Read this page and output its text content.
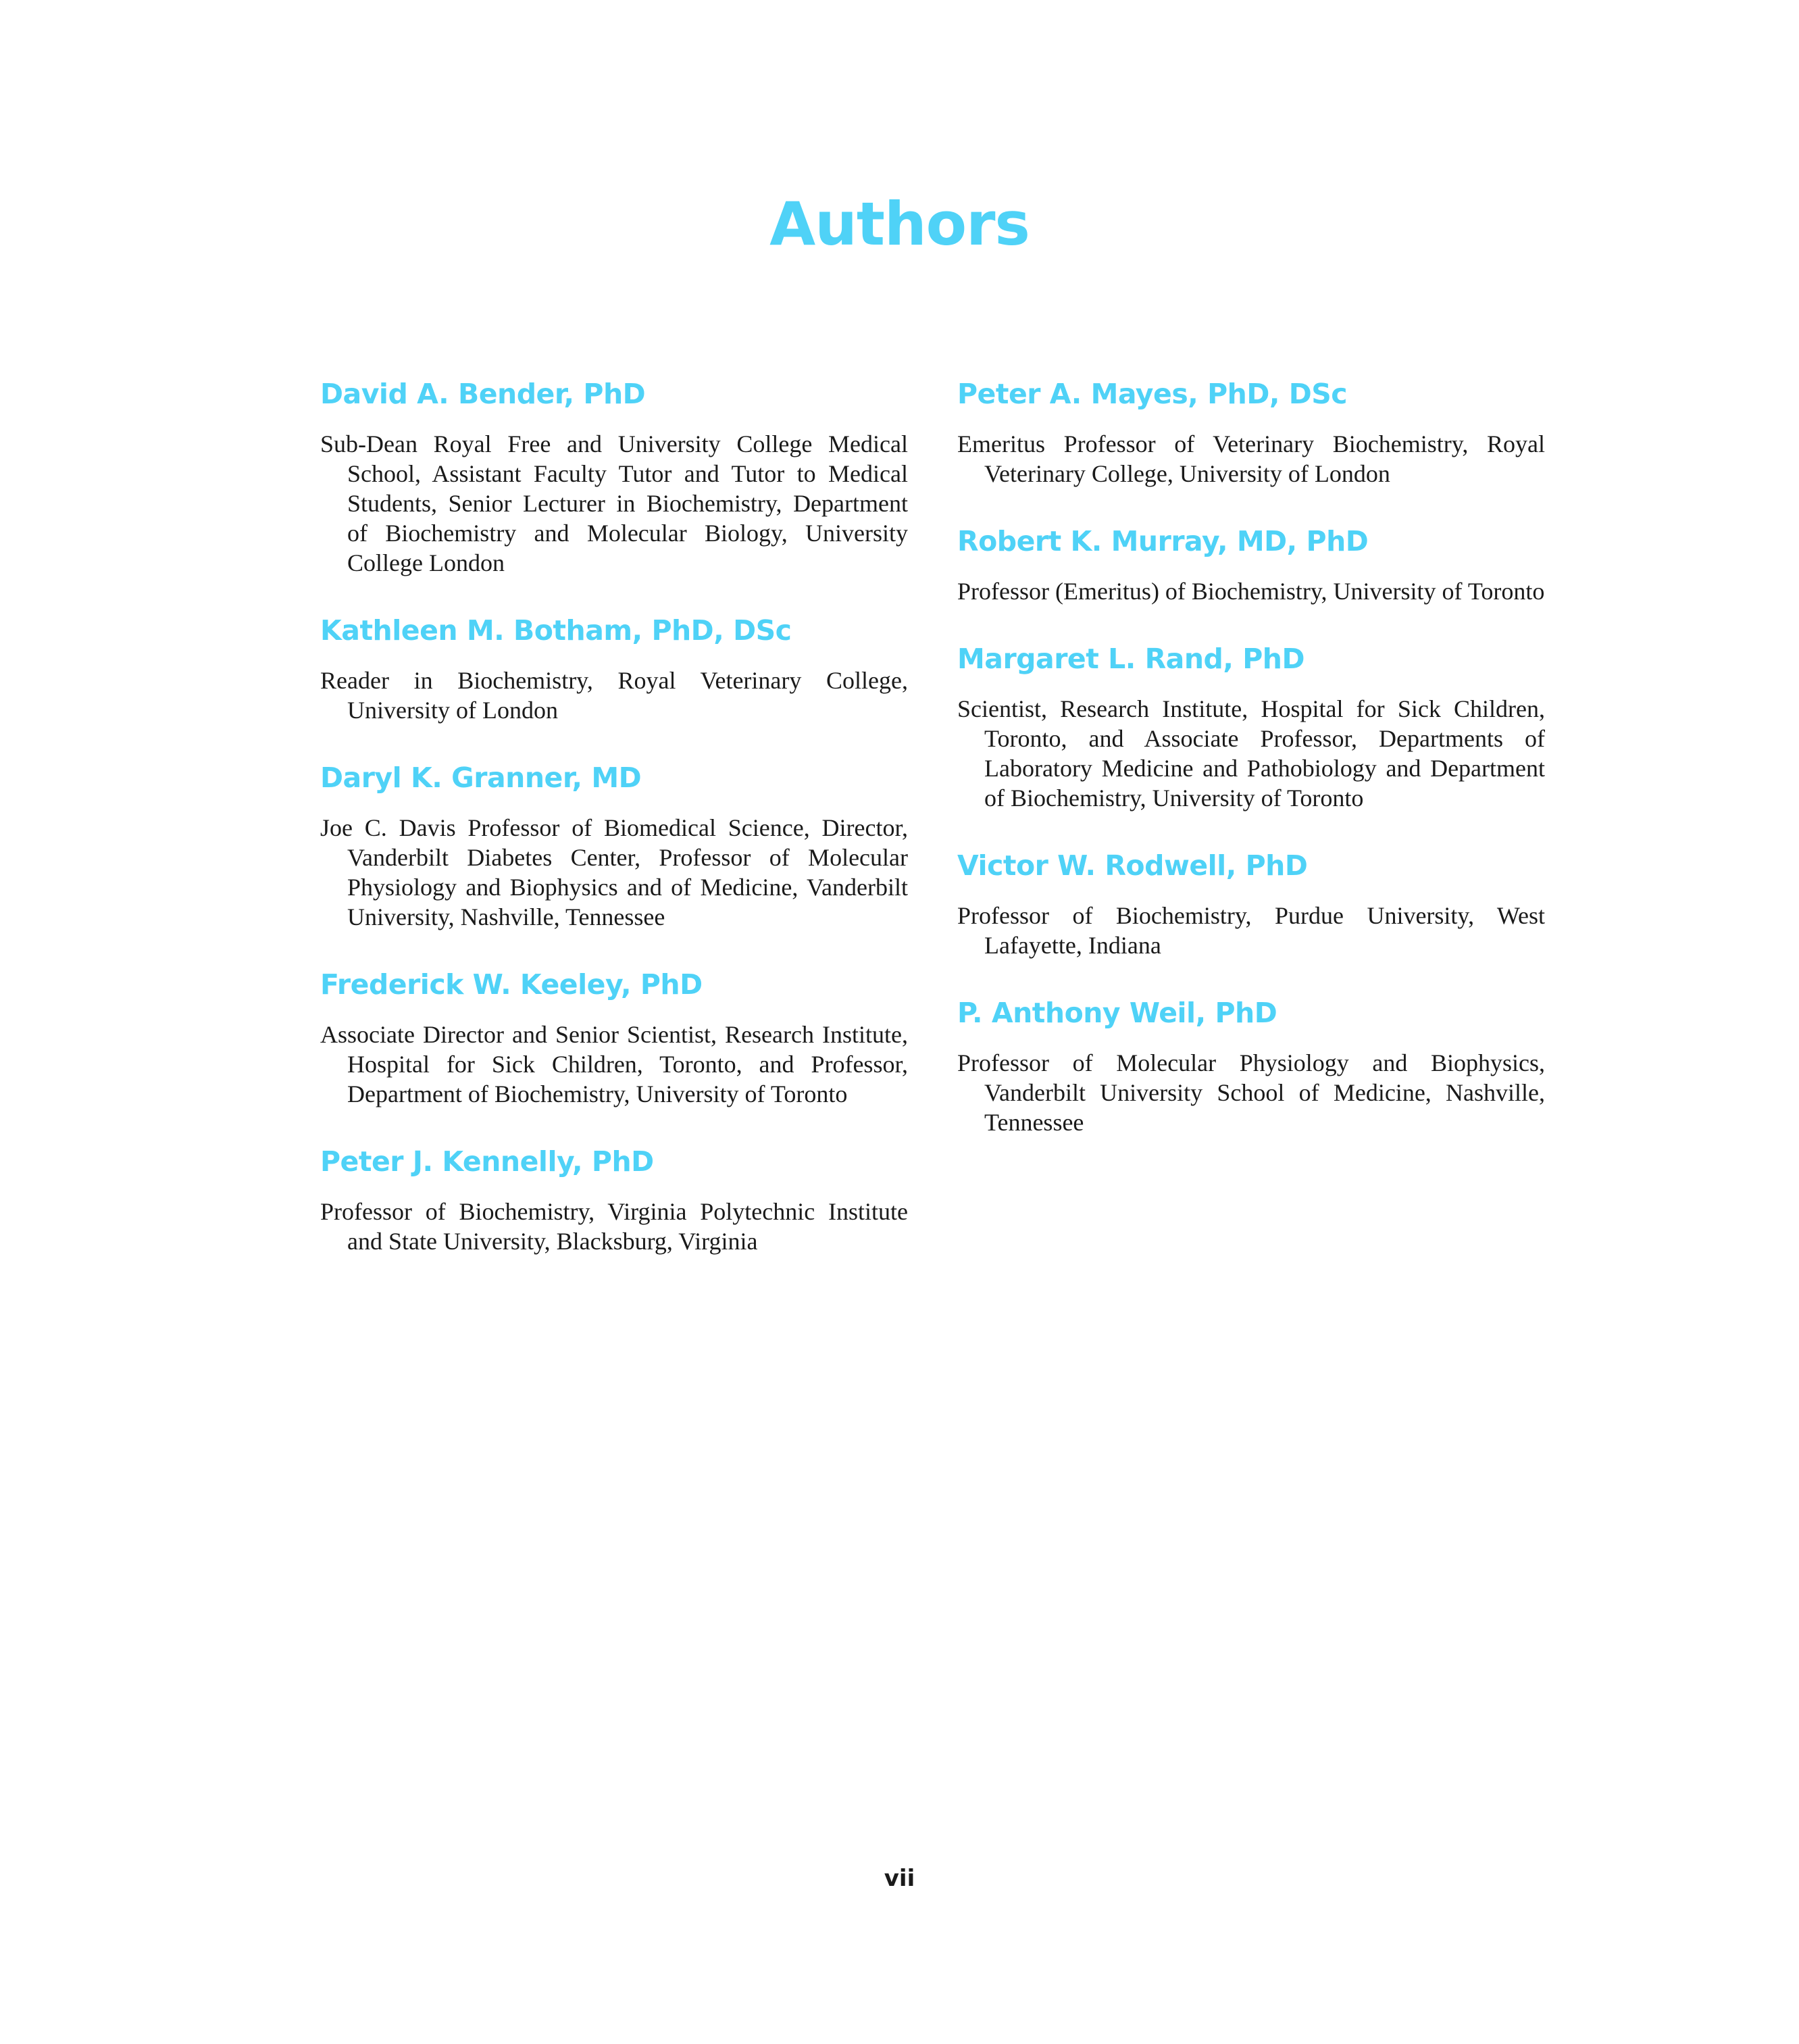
Authors
David A. Bender, PhD

Sub-Dean Royal Free and University College Medical School, Assistant Faculty Tutor and Tutor to Medical Students, Senior Lecturer in Biochemistry, Department of Biochemistry and Molecular Biology, University College London

Kathleen M. Botham, PhD, DSc

Reader in Biochemistry, Royal Veterinary College, University of London

Daryl K. Granner, MD

Joe C. Davis Professor of Biomedical Science, Director, Vanderbilt Diabetes Center, Professor of Molecular Physiology and Biophysics and of Medicine, Vanderbilt University, Nashville, Tennessee

Frederick W. Keeley, PhD

Associate Director and Senior Scientist, Research Institute, Hospital for Sick Children, Toronto, and Professor, Department of Biochemistry, University of Toronto

Peter J. Kennelly, PhD

Professor of Biochemistry, Virginia Polytechnic Institute and State University, Blacksburg, Virginia

Peter A. Mayes, PhD, DSc

Emeritus Professor of Veterinary Biochemistry, Royal Veterinary College, University of London

Robert K. Murray, MD, PhD

Professor (Emeritus) of Biochemistry, University of Toronto

Margaret L. Rand, PhD

Scientist, Research Institute, Hospital for Sick Children, Toronto, and Associate Professor, Departments of Laboratory Medicine and Pathobiology and Department of Biochemistry, University of Toronto

Victor W. Rodwell, PhD

Professor of Biochemistry, Purdue University, West Lafayette, Indiana

P. Anthony Weil, PhD

Professor of Molecular Physiology and Biophysics, Vanderbilt University School of Medicine, Nashville, Tennessee

vii
